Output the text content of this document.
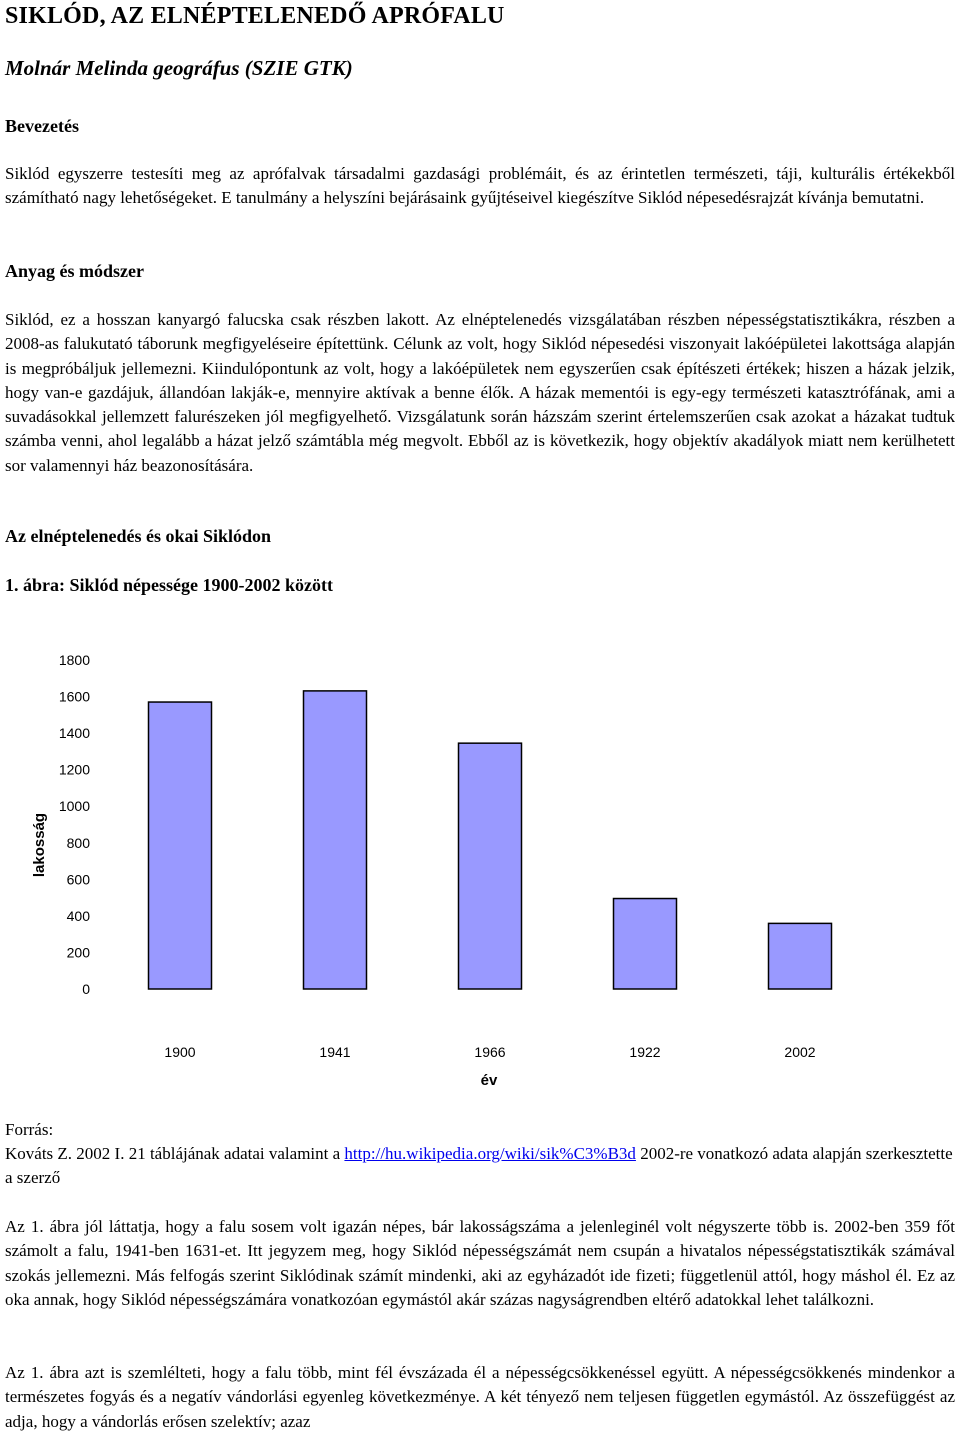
SIKLÓD, AZ ELNÉPTELENEDŐ APRÓFALU
Molnár Melinda geográfus (SZIE GTK)
Bevezetés

Siklód egyszerre testesíti meg az aprófalvak társadalmi gazdasági problémáit, és az érintetlen természeti, táji, kulturális értékekből számítható nagy lehetőségeket. E tanulmány a helyszíni bejárásaink gyűjtéseivel kiegészítve Siklód népesedésrajzát kívánja bemutatni.

Anyag és módszer

Siklód, ez a hosszan kanyargó falucska csak részben lakott. Az elnéptelenedés vizsgálatában részben népességstatisztikákra, részben a 2008-as falukutató táborunk megfigyeléseire építettünk. Célunk az volt, hogy Siklód népesedési viszonyait lakóépületei lakottsága alapján is megpróbáljuk jellemezni. Kiindulópontunk az volt, hogy a lakóépületek nem egyszerűen csak építészeti értékek; hiszen a házak jelzik, hogy van-e gazdájuk, állandóan lakják-e, mennyire aktívak a benne élők. A házak mementói is egy-egy természeti katasztrófának, ami a suvadásokkal jellemzett falurészeken jól megfigyelhető. Vizsgálatunk során házszám szerint értelemszerűen csak azokat a házakat tudtuk számba venni, ahol legalább a házat jelző számtábla még megvolt. Ebből az is következik, hogy objektív akadályok miatt nem kerülhetett sor valamennyi ház beazonosítására.

Az elnéptelenedés és okai Siklódon
1. ábra: Siklód népessége 1900-2002 között
lakosság
év
0
200
400
600
800
1000
1200
1400
1600
1800
1900	1941	1966	1922	2002
Forrás:

Kováts Z. 2002 I. 21 táblájának adatai valamint a http://hu.wikipedia.org/wiki/sik%C3%B3d 2002-re vonatkozó adata alapján szerkesztette a szerző

Az 1. ábra jól láttatja, hogy a falu sosem volt igazán népes, bár lakosságszáma a jelenleginél volt négyszerte több is. 2002-ben 359 főt számolt a falu, 1941-ben 1631-et. Itt jegyzem meg, hogy Siklód népességszámát nem csupán a hivatalos népességstatisztikák számával szokás jellemezni. Más felfogás szerint Siklódinak számít mindenki, aki az egyházadót ide fizeti; függetlenül attól, hogy máshol él. Ez az oka annak, hogy Siklód népességszámára vonatkozóan egymástól akár százas nagyságrendben eltérő adatokkal lehet találkozni.

Az 1. ábra azt is szemlélteti, hogy a falu több, mint fél évszázada él a népességcsökkenéssel együtt. A népességcsökkenés mindenkor a természetes fogyás és a negatív vándorlási egyenleg következménye. A két tényező nem teljesen független egymástól. Az összefüggést az adja, hogy a vándorlás erősen szelektív; azaz
